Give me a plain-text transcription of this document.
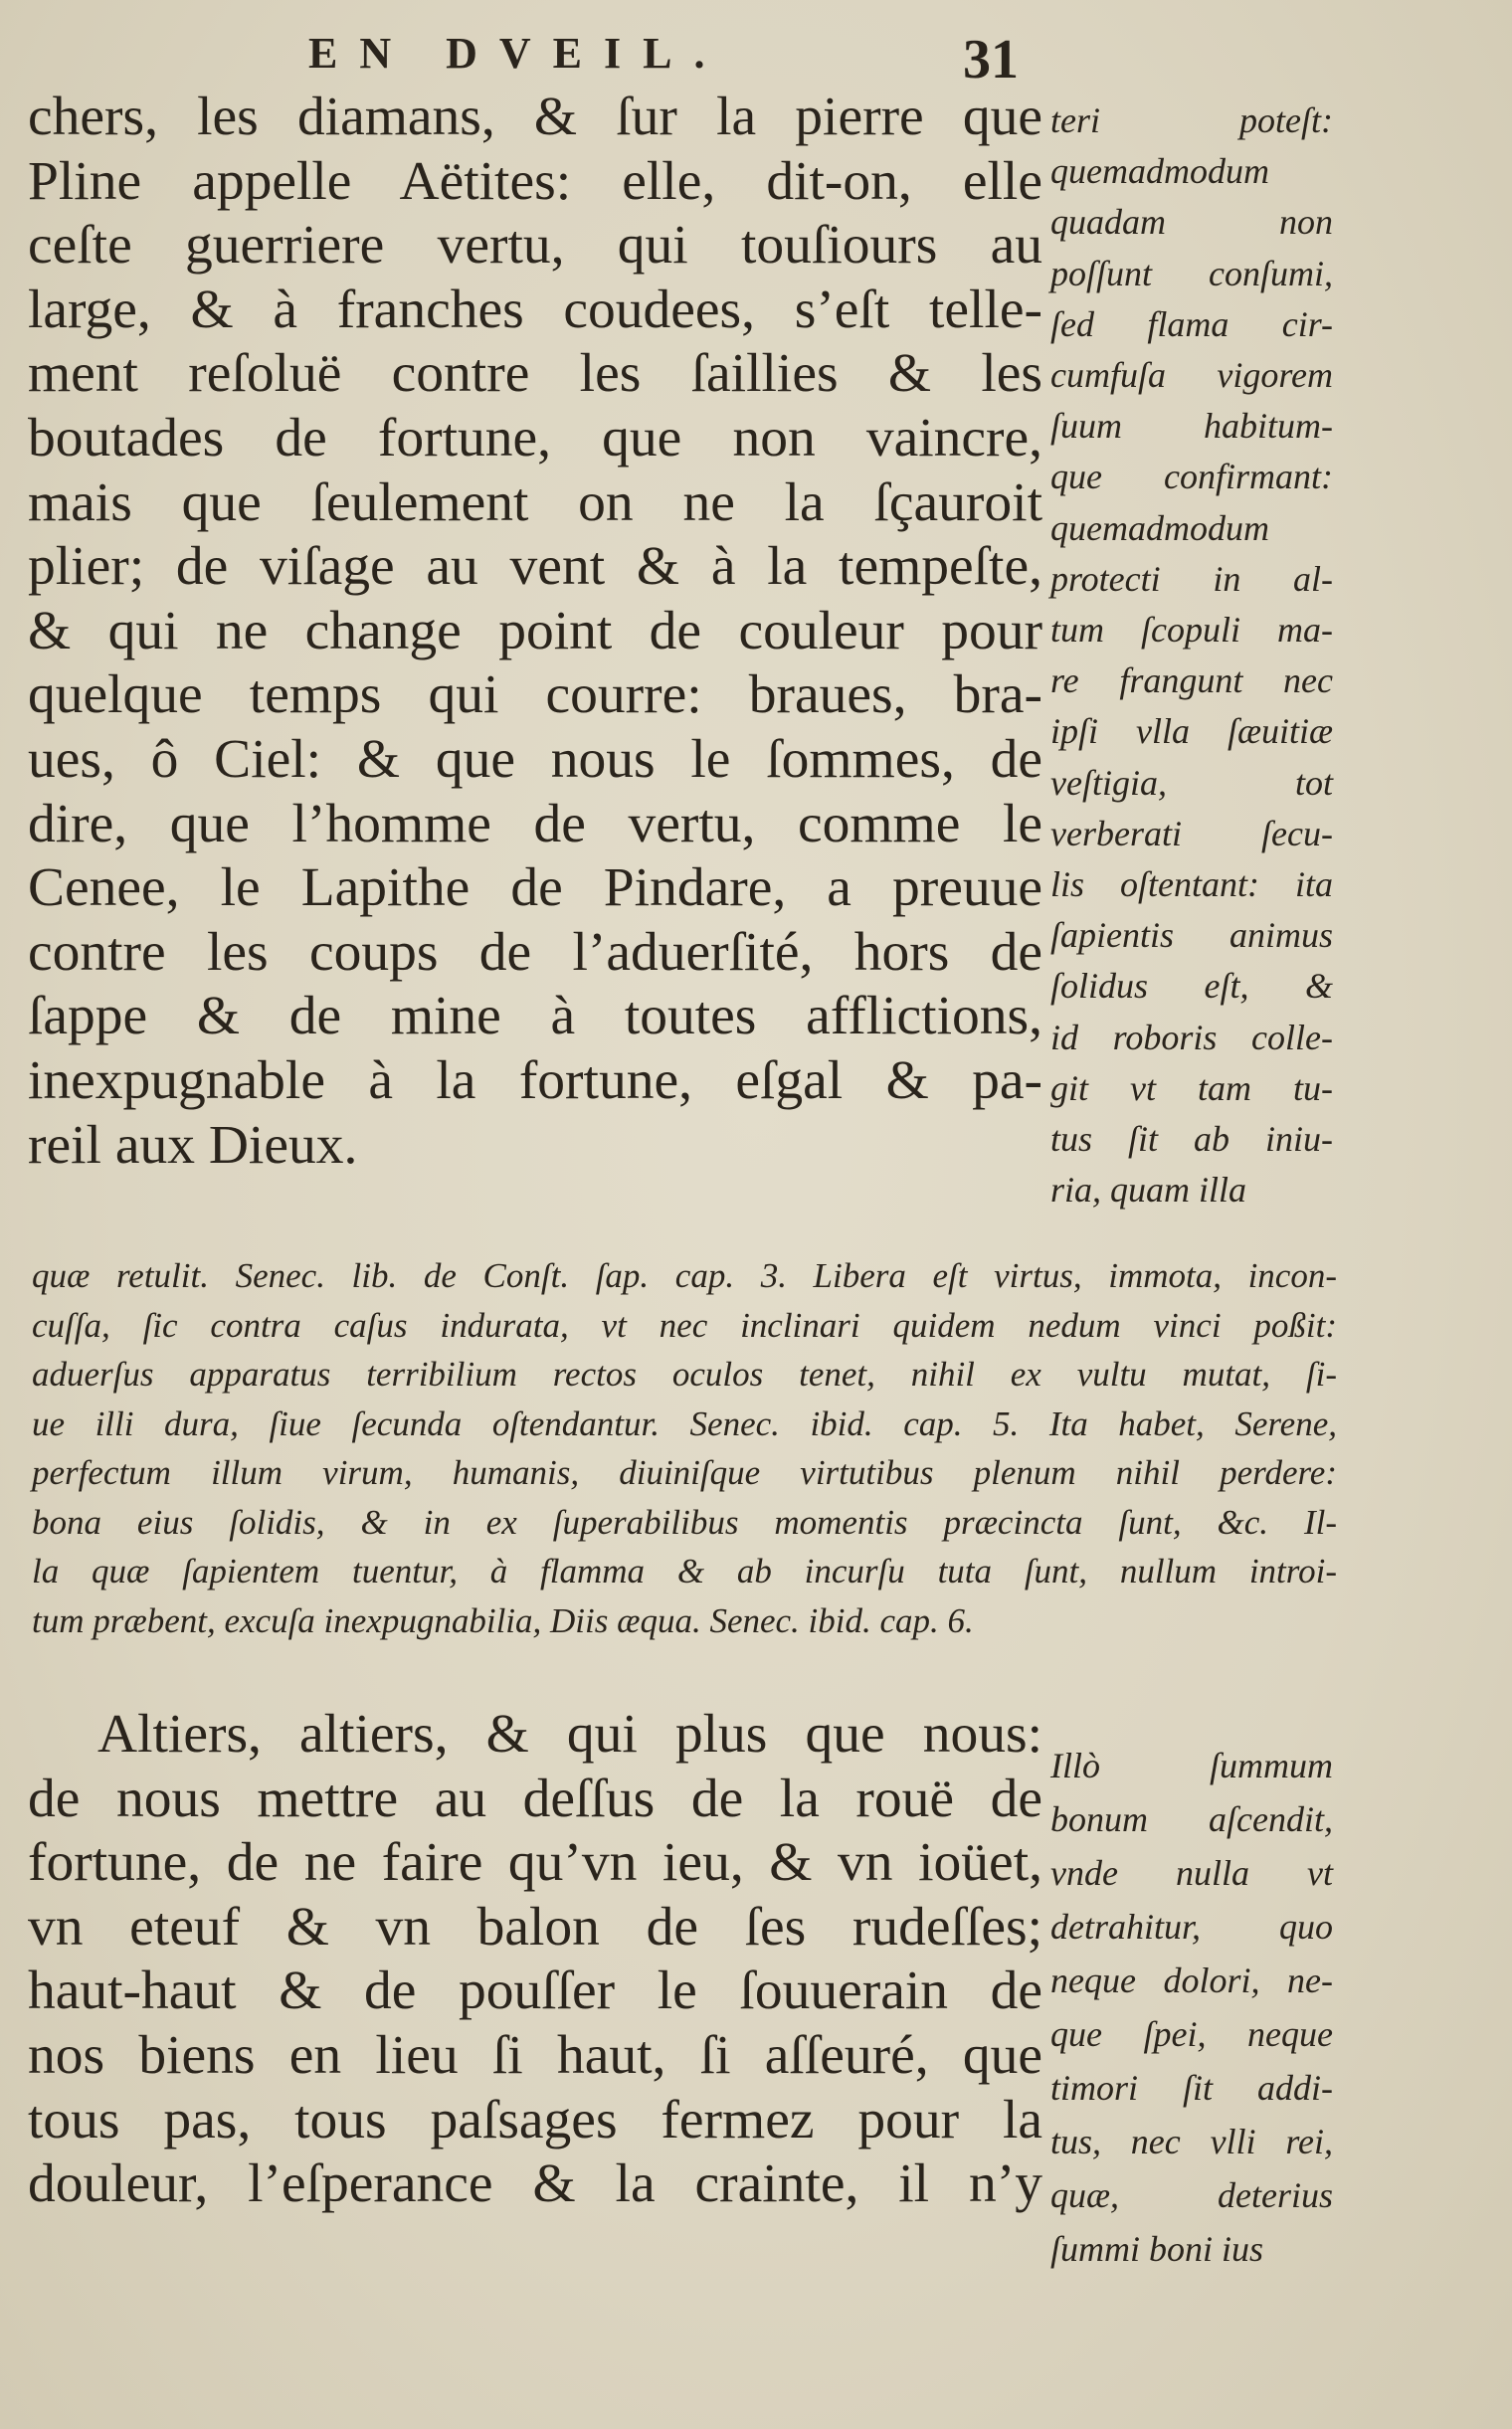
EN DVEIL.	31
chers, les diamans, & ſur la pierre que
Pline appelle Aëtites: elle, dit-on, elle
ceſte guerriere vertu, qui touſiours au
large, & à franches coudees, s’eſt telle-
ment reſoluë contre les ſaillies & les
boutades de fortune, que non vaincre,
mais que ſeulement on ne la ſçauroit
plier; de viſage au vent & à la tempeſte,
& qui ne change point de couleur pour
quelque temps qui courre: braues, bra-
ues, ô Ciel: & que nous le ſommes, de
dire, que l’homme de vertu, comme le
Cenee, le Lapithe de Pindare, a preuue
contre les coups de l’aduerſité, hors de
ſappe & de mine à toutes afflictions,
inexpugnable à la fortune, eſgal & pa-
reil aux Dieux.
teri poteſt:
quemadmodum
quadam non
poſſunt conſumi,
ſed flama cir-
cumfuſa vigorem
ſuum habitum-
que confirmant:
quemadmodum
protecti in al-
tum ſcopuli ma-
re frangunt nec
ipſi vlla ſæuitiæ
veſtigia, tot
verberati ſecu-
lis oſtentant: ita
ſapientis animus
ſolidus eſt, &
id roboris colle-
git vt tam tu-
tus ſit ab iniu-
ria, quam illa
quæ retulit. Senec. lib. de Conſt. ſap. cap. 3. Libera eſt virtus, immota, incon-
cuſſa, ſic contra caſus indurata, vt nec inclinari quidem nedum vinci poßit:
aduerſus apparatus terribilium rectos oculos tenet, nihil ex vultu mutat, ſi-
ue illi dura, ſiue ſecunda oſtendantur. Senec. ibid. cap. 5. Ita habet, Serene,
perfectum illum virum, humanis, diuiniſque virtutibus plenum nihil perdere:
bona eius ſolidis, & in ex ſuperabilibus momentis præcincta ſunt, &c. Il-
la quæ ſapientem tuentur, à flamma & ab incurſu tuta ſunt, nullum introi-
tum præbent, excuſa inexpugnabilia, Diis æqua. Senec. ibid. cap. 6.
Altiers, altiers, & qui plus que nous:
de nous mettre au deſſus de la rouë de
fortune, de ne faire qu’vn ieu, & vn ioüet,
vn eteuf & vn balon de ſes rudeſſes;
haut-haut & de pouſſer le ſouuerain de
nos biens en lieu ſi haut, ſi aſſeuré, que
tous pas, tous paſsages fermez pour la
douleur, l’eſperance & la crainte, il n’y
Illò ſummum
bonum aſcendit,
vnde nulla vt
detrahitur, quo
neque dolori, ne-
que ſpei, neque
timori ſit addi-
tus, nec vlli rei,
quæ, deterius
ſummi boni ius
